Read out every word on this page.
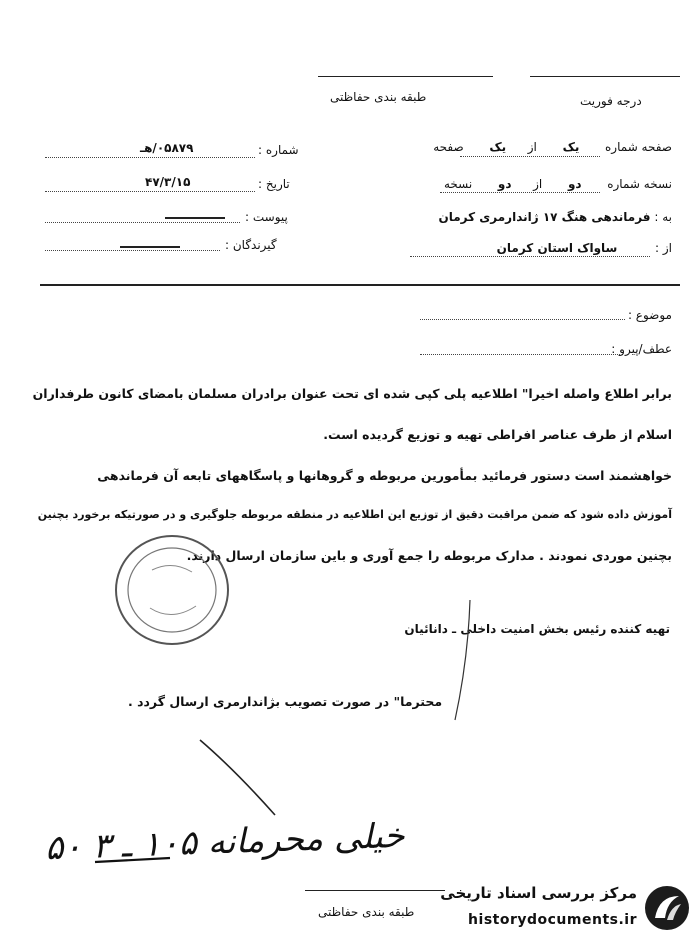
طبقه بندی حفاظتی	درجه فوریت
شماره :
۰۵۸۷۹/هـ
تاریخ :
۴۷/۳/۱۵
پیوست :
گیرندگان :
صفحه شماره  یک  از  یک  صفحه
نسخه شماره  دو  از  دو  نسخه
به : فرماندهی هنگ ۱۷ ژاندارمری کرمان
از :  ساواک استان کرمان
موضوع :
عطف/پیرو :
برابر اطلاع واصله اخیرا" اطلاعیه پلی کپی شده ای تحت عنوان برادران مسلمان بامضای کانون طرفداران
اسلام از طرف عناصر افراطی تهیه و توزیع گردیده است.
خواهشمند است دستور فرمائید بمأمورین مربوطه و گروهانها و پاسگاههای تابعه آن فرماندهی
آموزش داده شود که ضمن مراقبت دقیق از توزیع این اطلاعیه در منطقه مربوطه جلوگیری و در صورتیکه برخورد بچنین
بچنین موردی نمودند . مدارک مربوطه را جمع آوری و باین سازمان ارسال دارند.
تهیه کننده رئیس بخش امنیت داخلی ـ دانائیان
محترما" در صورت تصویب بژاندارمری ارسال گردد .
خیلی محرمانه ۱۰۵ ـ ۳ ۵۰
طبقه بندی حفاظتی
مرکز بررسی اسناد تاریخی
historydocuments.ir
